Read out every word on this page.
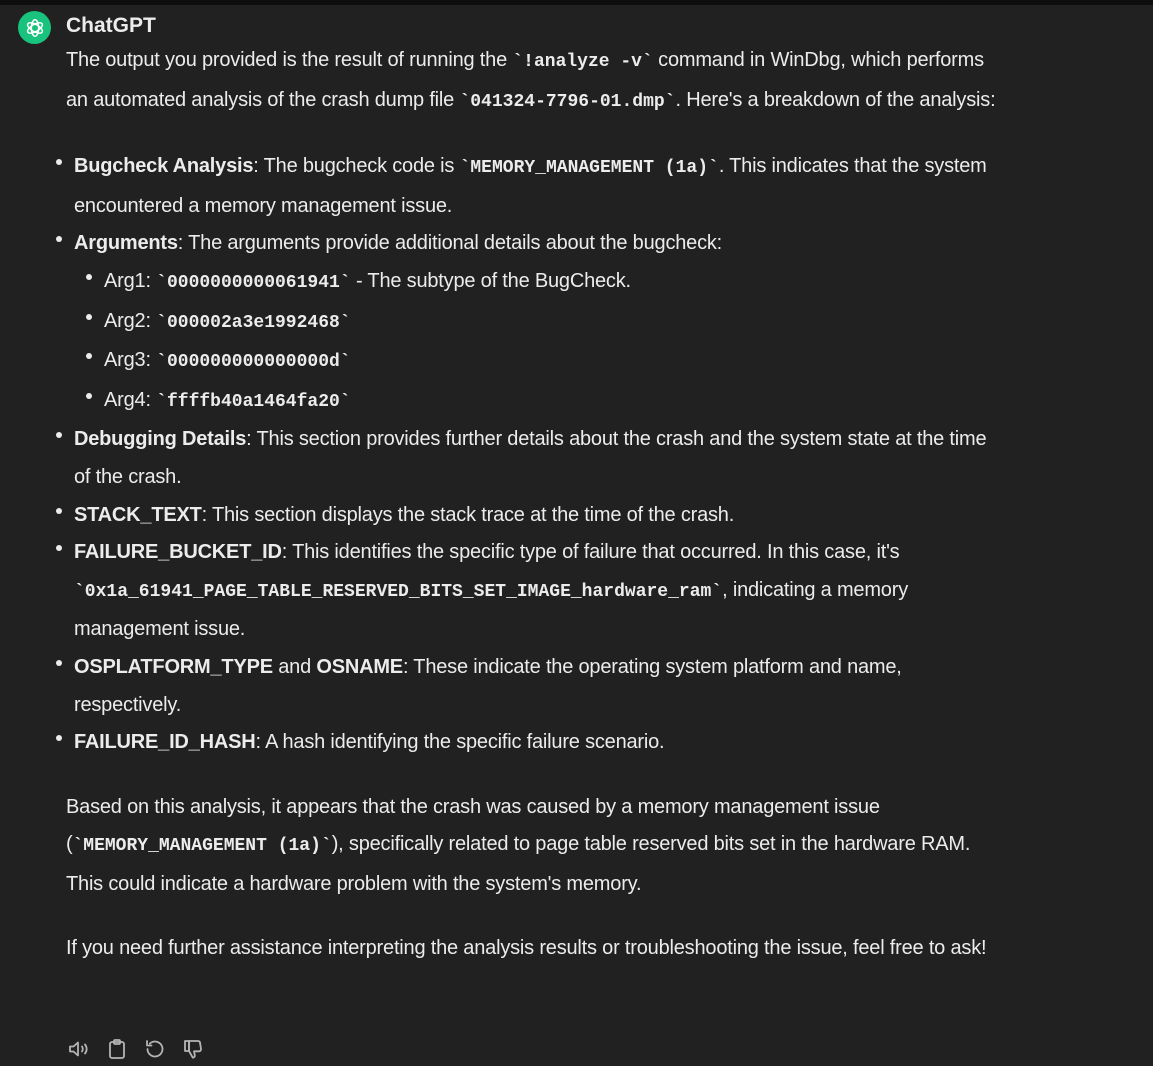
ChatGPT

The output you provided is the result of running the `!analyze -v` command in WinDbg, which performs an automated analysis of the crash dump file `041324-7796-01.dmp`. Here's a breakdown of the analysis:

Bugcheck Analysis: The bugcheck code is `MEMORY_MANAGEMENT (1a)`. This indicates that the system encountered a memory management issue.
Arguments: The arguments provide additional details about the bugcheck:
Arg1: `0000000000061941` - The subtype of the BugCheck.
Arg2: `000002a3e1992468`
Arg3: `000000000000000d`
Arg4: `ffffb40a1464fa20`
Debugging Details: This section provides further details about the crash and the system state at the time of the crash.
STACK_TEXT: This section displays the stack trace at the time of the crash.
FAILURE_BUCKET_ID: This identifies the specific type of failure that occurred. In this case, it's `0x1a_61941_PAGE_TABLE_RESERVED_BITS_SET_IMAGE_hardware_ram`, indicating a memory management issue.
OSPLATFORM_TYPE and OSNAME: These indicate the operating system platform and name, respectively.
FAILURE_ID_HASH: A hash identifying the specific failure scenario.

Based on this analysis, it appears that the crash was caused by a memory management issue (`MEMORY_MANAGEMENT (1a)`), specifically related to page table reserved bits set in the hardware RAM. This could indicate a hardware problem with the system's memory.

If you need further assistance interpreting the analysis results or troubleshooting the issue, feel free to ask!
